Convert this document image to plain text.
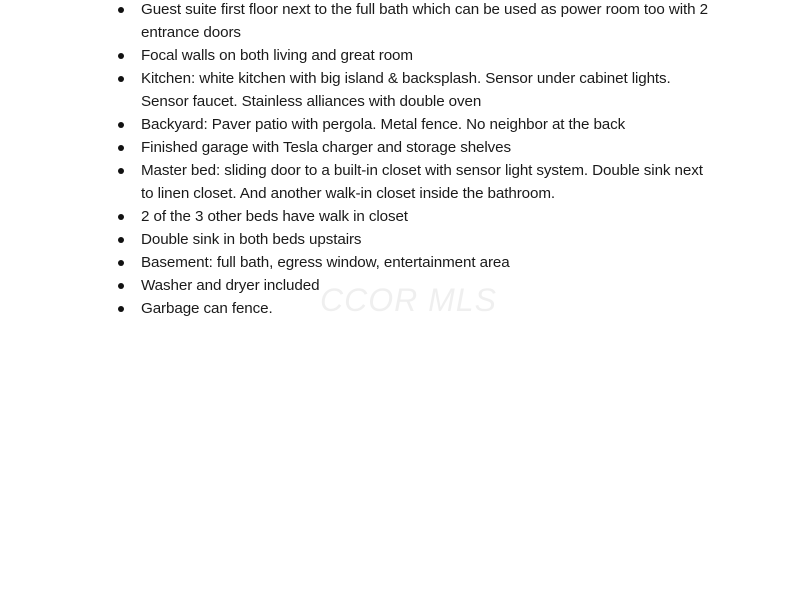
Guest suite first floor next to the full bath which can be used as power room too with 2 entrance doors
Focal walls on both living and great room
Kitchen: white kitchen with big island & backsplash. Sensor under cabinet lights. Sensor faucet. Stainless alliances with double oven
Backyard: Paver patio with pergola. Metal fence. No neighbor at the back
Finished garage with Tesla charger and storage shelves
Master bed: sliding door to a built-in closet with sensor light system. Double sink next to linen closet. And another walk-in closet inside the bathroom.
2 of the 3 other beds have walk in closet
Double sink in both beds upstairs
Basement: full bath, egress window, entertainment area
Washer and dryer included
Garbage can fence.	CCOR MLS
